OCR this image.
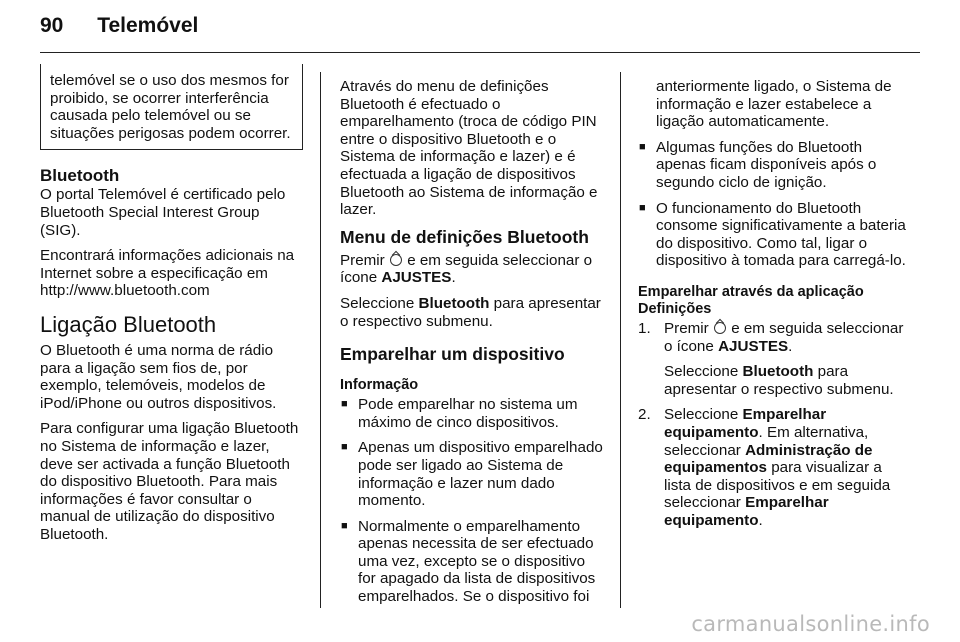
90 Telemóvel
telemóvel se o uso dos mesmos for proibido, se ocorrer interferência causada pelo telemóvel ou se situações perigosas podem ocorrer.
Bluetooth

O portal Telemóvel é certificado pelo Bluetooth Special Interest Group (SIG).

Encontrará informações adicionais na Internet sobre a especificação em http://www.bluetooth.com

Ligação Bluetooth

O Bluetooth é uma norma de rádio para a ligação sem fios de, por exemplo, telemóveis, modelos de iPod/iPhone ou outros dispositivos.

Para configurar uma ligação Bluetooth no Sistema de informação e lazer, deve ser activada a função Bluetooth do dispositivo Bluetooth. Para mais informações é favor consultar o manual de utilização do dispositivo Bluetooth.

Através do menu de definições Bluetooth é efectuado o emparelhamento (troca de código PIN entre o dispositivo Bluetooth e o Sistema de informação e lazer) e é efectuada a ligação de dispositivos Bluetooth ao Sistema de informação e lazer.

Menu de definições Bluetooth

Premir e em seguida seleccionar o ícone AJUSTES.

Seleccione Bluetooth para apresentar o respectivo submenu.

Emparelhar um dispositivo
Informação
■ Pode emparelhar no sistema um máximo de cinco dispositivos.
■ Apenas um dispositivo emparelhado pode ser ligado ao Sistema de informação e lazer num dado momento.
■ Normalmente o emparelhamento apenas necessita de ser efectuado uma vez, excepto se o dispositivo for apagado da lista de dispositivos emparelhados. Se o dispositivo foi
anteriormente ligado, o Sistema de informação e lazer estabelece a ligação automaticamente.
■ Algumas funções do Bluetooth apenas ficam disponíveis após o segundo ciclo de ignição.
■ O funcionamento do Bluetooth consome significativamente a bateria do dispositivo. Como tal, ligar o dispositivo à tomada para carregá-lo.
Emparelhar através da aplicação Definições
1. Premir e em seguida seleccionar o ícone AJUSTES.
Seleccione Bluetooth para apresentar o respectivo submenu.
2. Seleccione Emparelhar equipamento. Em alternativa, seleccionar Administração de equipamentos para visualizar a lista de dispositivos e em seguida seleccionar Emparelhar equipamento.
carmanualsonline.info
